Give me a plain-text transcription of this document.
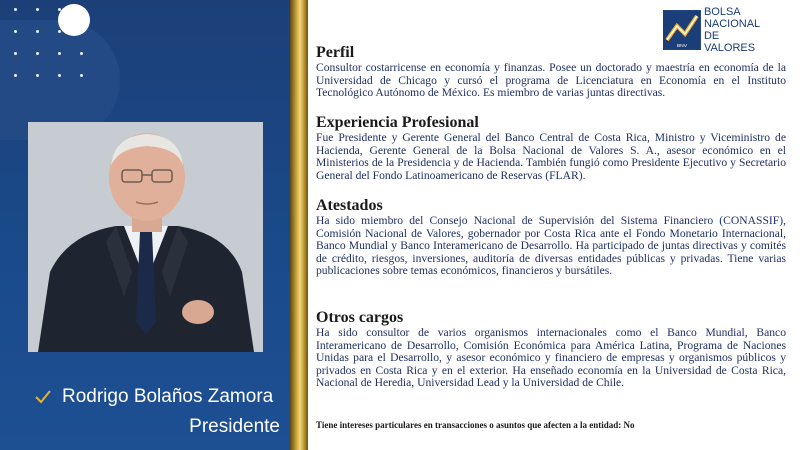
Rodrigo Bolaños Zamora
Presidente
BNV
BOLSA
NACIONAL DE
VALORES
Perfil
Consultor costarricense en economía y finanzas. Posee un doctorado y maestría en economía de la Universidad de Chicago y cursó el programa de Licenciatura en Economía en el Instituto Tecnológico Autónomo de México. Es miembro de varias juntas directivas.
Experiencia Profesional
Fue Presidente y Gerente General del Banco Central de Costa Rica, Ministro y Viceministro de Hacienda, Gerente General de la Bolsa Nacional de Valores S. A., asesor económico en el Ministerios de la Presidencia y de Hacienda. También fungió como Presidente Ejecutivo y Secretario General del Fondo Latinoamericano de Reservas (FLAR).
Atestados
Ha sido miembro del Consejo Nacional de Supervisión del Sistema Financiero (CONASSIF), Comisión Nacional de Valores, gobernador por Costa Rica ante el Fondo Monetario Internacional, Banco Mundial y Banco Interamericano de Desarrollo. Ha participado de juntas directivas y comités de crédito, riesgos, inversiones, auditoría de diversas entidades públicas y privadas. Tiene varias publicaciones sobre temas económicos, financieros y bursátiles.
Otros cargos
Ha sido consultor de varios organismos internacionales como el Banco Mundial, Banco Interamericano de Desarrollo, Comisión Económica para América Latina, Programa de Naciones Unidas para el Desarrollo, y asesor económico y financiero de empresas y organismos públicos y privados en Costa Rica y en el exterior. Ha enseñado economía en la Universidad de Costa Rica, Nacional de Heredia, Universidad Lead y la Universidad de Chile.
Tiene intereses particulares en transacciones o asuntos que afecten a la entidad: No
